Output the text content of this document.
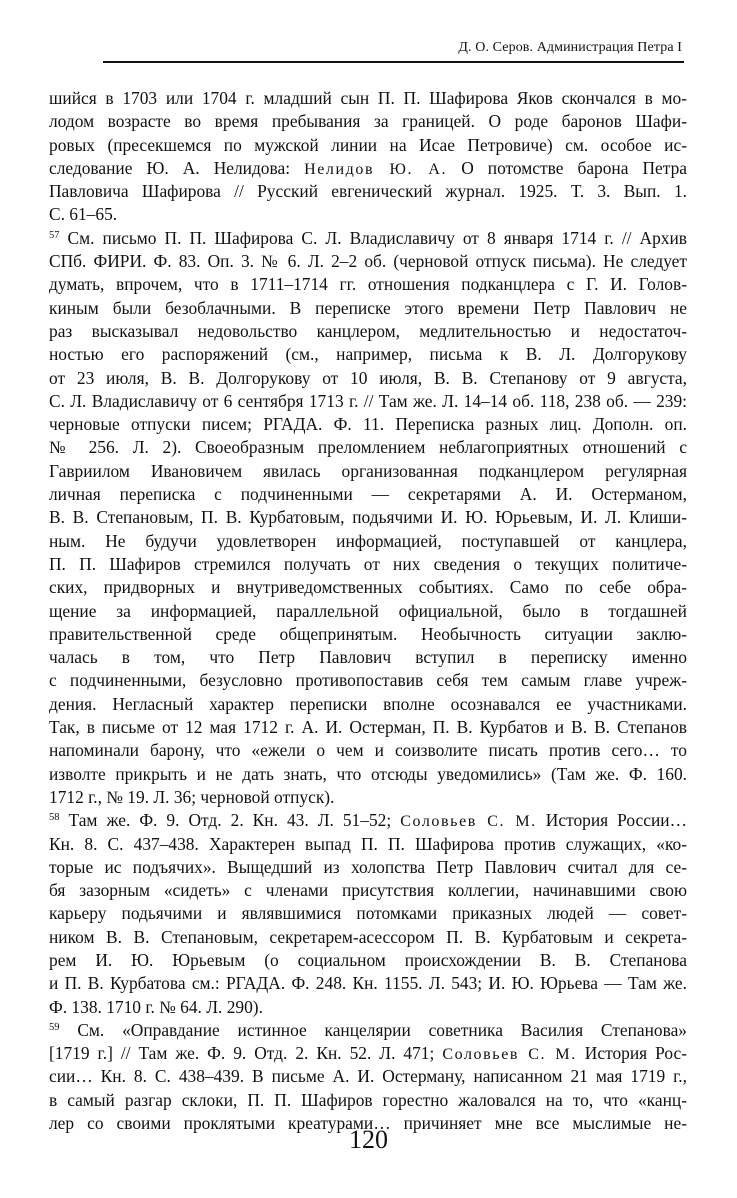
Д. О. Серов. Администрация Петра I
шийся в 1703 или 1704 г. младший сын П. П. Шафирова Яков скончался в мо-
лодом возрасте во время пребывания за границей. О роде баронов Шафи-
ровых (пресекшемся по мужской линии на Исае Петровиче) см. особое ис-
следование Ю. А. Нелидова: Нелидов Ю. А. О потомстве барона Петра
Павловича Шафирова // Русский евгенический журнал. 1925. Т. 3. Вып. 1.
С. 61–65.
$^{57}$ См. письмо П. П. Шафирова С. Л. Владиславичу от 8 января 1714 г. // Архив
СПб. ФИРИ. Ф. 83. Оп. 3. № 6. Л. 2–2 об. (черновой отпуск письма). Не следует
думать, впрочем, что в 1711–1714 гг. отношения подканцлера с Г. И. Голов-
киным были безоблачными. В переписке этого времени Петр Павлович не
раз высказывал недовольство канцлером, медлительностью и недостаточ-
ностью его распоряжений (см., например, письма к В. Л. Долгорукову
от 23 июля, В. В. Долгорукову от 10 июля, В. В. Степанову от 9 августа,
С. Л. Владиславичу от 6 сентября 1713 г. // Там же. Л. 14–14 об. 118, 238 об. — 239:
черновые отпуски писем; РГАДА. Ф. 11. Переписка разных лиц. Дополн. оп.
№ 256. Л. 2). Своеобразным преломлением неблагоприятных отношений с
Гавриилом Ивановичем явилась организованная подканцлером регулярная
личная переписка с подчиненными — секретарями А. И. Остерманом,
В. В. Степановым, П. В. Курбатовым, подьячими И. Ю. Юрьевым, И. Л. Клиши-
ным. Не будучи удовлетворен информацией, поступавшей от канцлера,
П. П. Шафиров стремился получать от них сведения о текущих политиче-
ских, придворных и внутриведомственных событиях. Само по себе обра-
щение за информацией, параллельной официальной, было в тогдашней
правительственной среде общепринятым. Необычность ситуации заклю-
чалась в том, что Петр Павлович вступил в переписку именно
с подчиненными, безусловно противопоставив себя тем самым главе учреж-
дения. Негласный характер переписки вполне осознавался ее участниками.
Так, в письме от 12 мая 1712 г. А. И. Остерман, П. В. Курбатов и В. В. Степанов
напоминали барону, что «ежели о чем и соизволите писать против сего… то
изволте прикрыть и не дать знать, что отсюды уведомились» (Там же. Ф. 160.
1712 г., № 19. Л. 36; черновой отпуск).
$^{58}$ Там же. Ф. 9. Отд. 2. Кн. 43. Л. 51–52; Соловьев С. М. История России…
Кн. 8. С. 437–438. Характерен выпад П. П. Шафирова против служащих, «ко-
торые ис подъячих». Выщедший из холопства Петр Павлович считал для се-
бя зазорным «сидеть» с членами присутствия коллегии, начинавшими свою
карьеру подьячими и являвшимися потомками приказных людей — совет-
ником В. В. Степановым, секретарем-асессором П. В. Курбатовым и секрета-
рем И. Ю. Юрьевым (о социальном происхождении В. В. Степанова
и П. В. Курбатова см.: РГАДА. Ф. 248. Кн. 1155. Л. 543; И. Ю. Юрьева — Там же.
Ф. 138. 1710 г. № 64. Л. 290).
$^{59}$ См. «Оправдание истинное канцелярии советника Василия Степанова»
[1719 г.] // Там же. Ф. 9. Отд. 2. Кн. 52. Л. 471; Соловьев С. М. История Рос-
сии… Кн. 8. С. 438–439. В письме А. И. Остерману, написанном 21 мая 1719 г.,
в самый разгар склоки, П. П. Шафиров горестно жаловался на то, что «канц-
лер со своими проклятыми креатурами… причиняет мне все мыслимые не-
120
